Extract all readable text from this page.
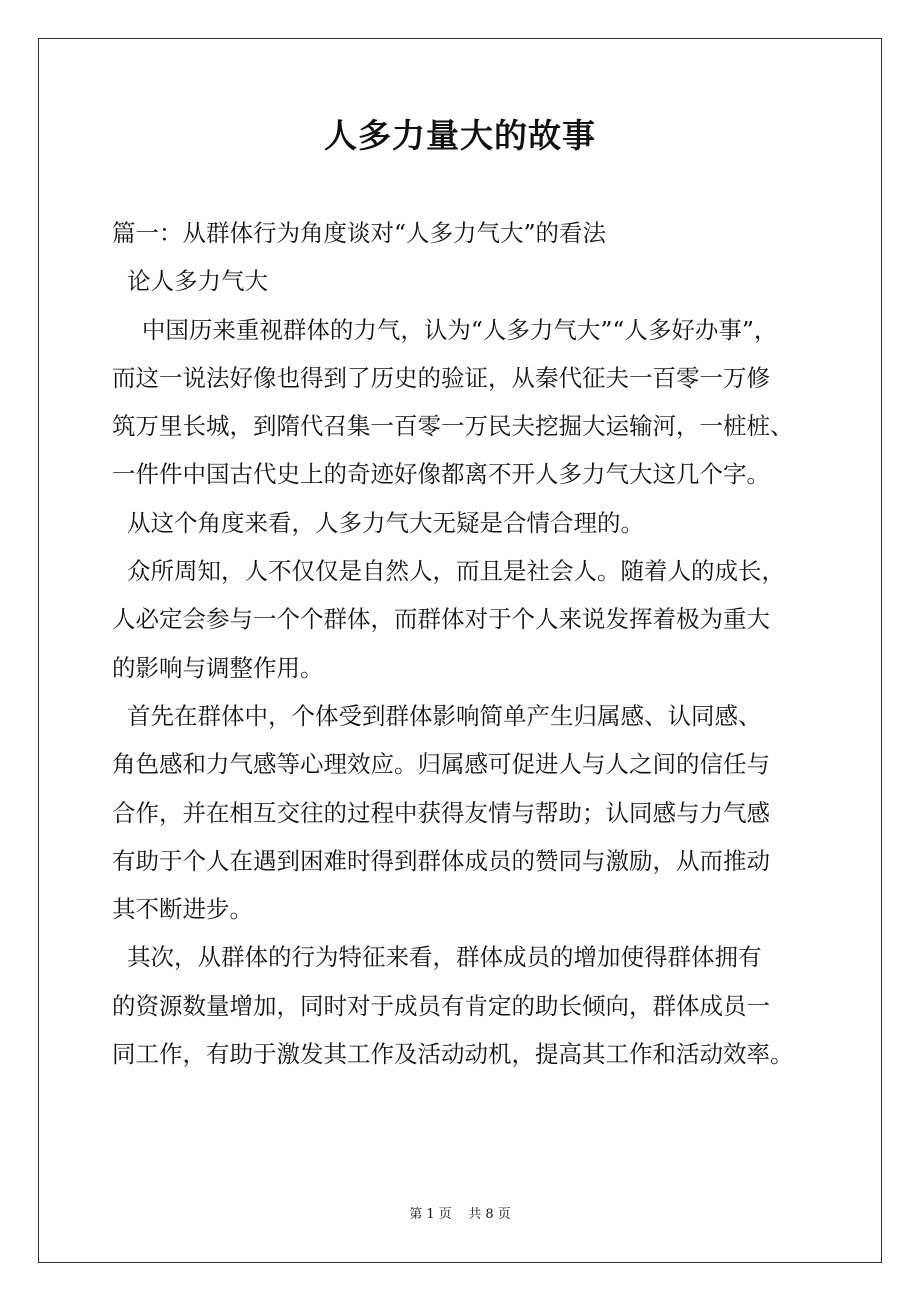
人多力量大的故事
篇一：从群体行为角度谈对“人多力气大”的看法
论人多力气大
中国历来重视群体的力气，认为“人多力气大”“人多好办事”，
而这一说法好像也得到了历史的验证，从秦代征夫一百零一万修
筑万里长城，到隋代召集一百零一万民夫挖掘大运输河，一桩桩、
一件件中国古代史上的奇迹好像都离不开人多力气大这几个字。
从这个角度来看，人多力气大无疑是合情合理的。
众所周知，人不仅仅是自然人，而且是社会人。随着人的成长，
人必定会参与一个个群体，而群体对于个人来说发挥着极为重大
的影响与调整作用。
首先在群体中，个体受到群体影响简单产生归属感、认同感、
角色感和力气感等心理效应。归属感可促进人与人之间的信任与
合作，并在相互交往的过程中获得友情与帮助；认同感与力气感
有助于个人在遇到困难时得到群体成员的赞同与激励，从而推动
其不断进步。
其次，从群体的行为特征来看，群体成员的增加使得群体拥有
的资源数量增加，同时对于成员有肯定的助长倾向，群体成员一
同工作，有助于激发其工作及活动动机，提高其工作和活动效率。
第 1 页    共 8 页
